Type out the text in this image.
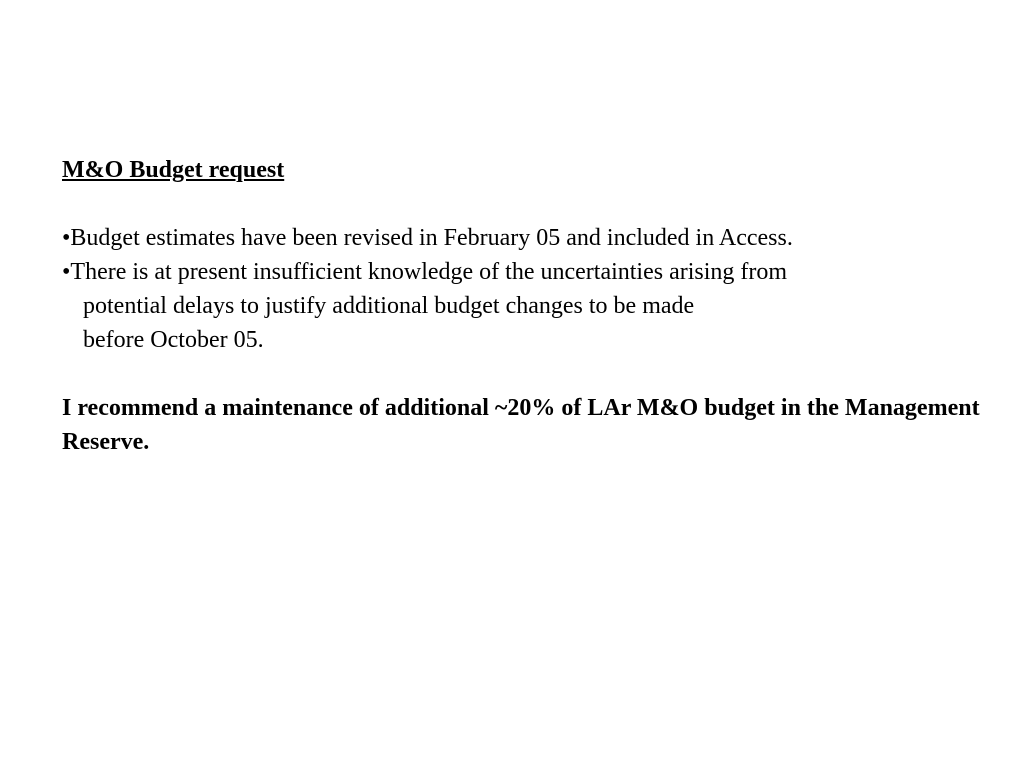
M&O Budget request
•Budget estimates have been revised in February 05 and included in Access.
•There is at present insufficient knowledge of the uncertainties arising from
potential delays to justify additional budget changes to be made
before October 05.
I recommend a maintenance of additional ~20% of LAr M&O budget in the Management Reserve.
